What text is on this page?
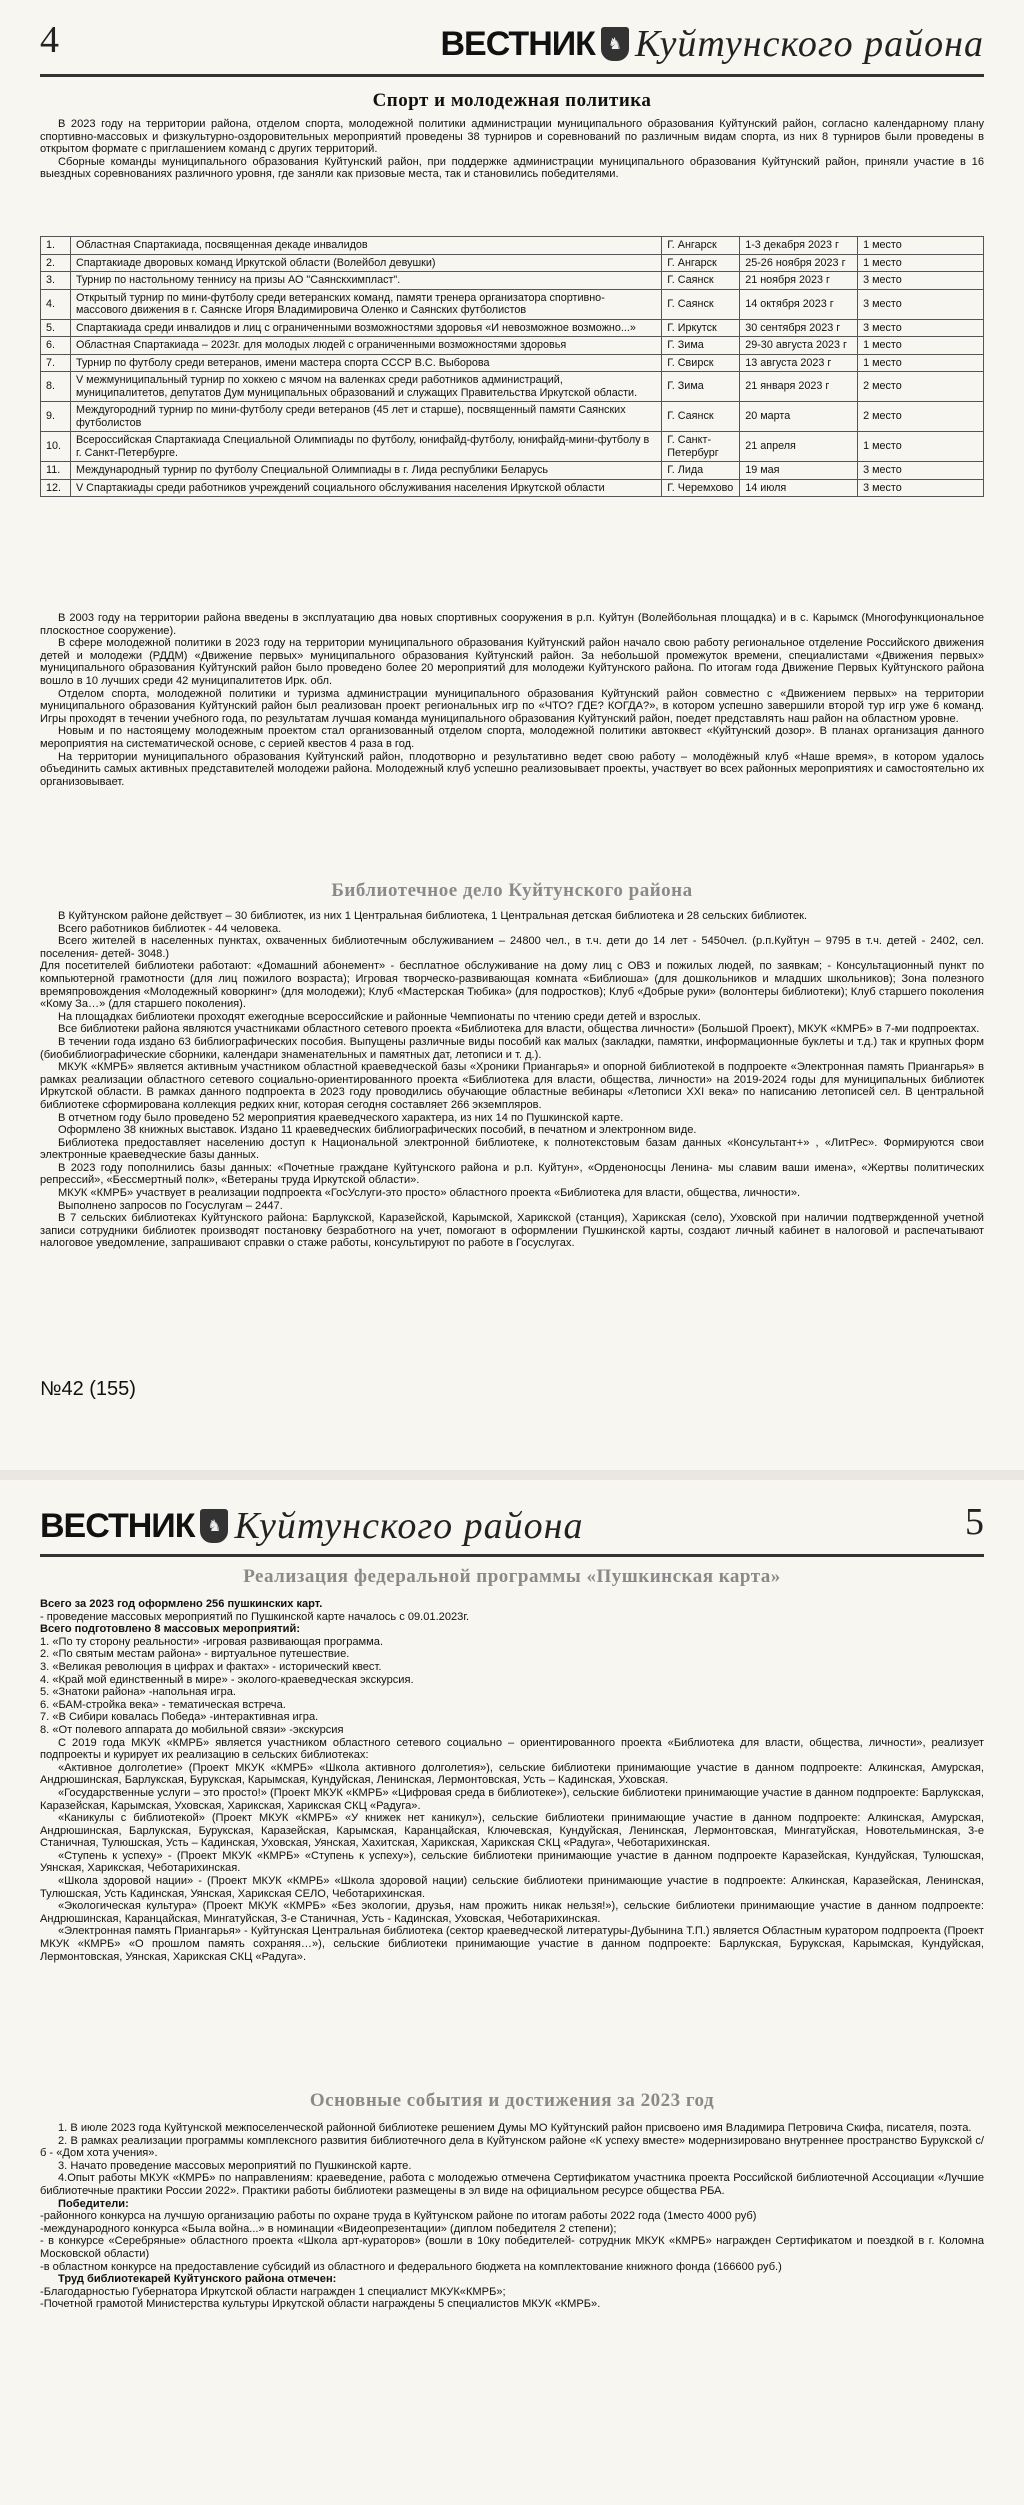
4	ВЕСТНИК ♞ Куйтунского района
Спорт и молодежная политика

В 2023 году на территории района, отделом спорта, молодежной политики администрации муниципального образования Куйтунский район, согласно календарному плану спортивно-массовых и физкультурно-оздоровительных мероприятий проведены 38 турниров и соревнований по различным видам спорта, из них 8 турниров были проведены в открытом формате с приглашением команд с других территорий.

Сборные команды муниципального образования Куйтунский район, при поддержке администрации муниципального образования Куйтунский район, приняли участие в 16 выездных соревнованиях различного уровня, где заняли как призовые места, так и становились победителями.

1.	Областная Спартакиада, посвященная декаде инвалидов	Г. Ангарск	1-3 декабря 2023 г	1 место
2.	Спартакиаде дворовых команд Иркутской области (Волейбол девушки)	Г. Ангарск	25-26 ноября 2023 г	1 место
3.	Турнир по настольному теннису на призы АО "Саянскхимпласт".	Г. Саянск	21 ноября 2023 г	3 место
4.	Открытый турнир по мини-футболу среди ветеранских команд, памяти тренера организатора спортивно-массового движения в г. Саянске Игоря Владимировича Оленко и Саянских футболистов	Г. Саянск	14 октября 2023 г	3 место
5.	Спартакиада среди инвалидов и лиц с ограниченными возможностями здоровья «И невозможное возможно...»	Г. Иркутск	30 сентября 2023 г	3 место
6.	Областная Спартакиада – 2023г. для молодых людей с ограниченными возможностями здоровья	Г. Зима	29-30 августа 2023 г	1 место
7.	Турнир по футболу среди ветеранов, имени мастера спорта СССР В.С. Выборова	Г. Свирск	13 августа 2023 г	1 место
8.	V межмуниципальный турнир по хоккею с мячом на валенках среди работников администраций, муниципалитетов, депутатов Дум муниципальных образований и служащих Правительства Иркутской области.	Г. Зима	21 января 2023 г	2 место
9.	Междугородний турнир по мини-футболу среди ветеранов (45 лет и старше), посвященный памяти Саянских футболистов	Г. Саянск	20 марта	2 место
10.	Всероссийская Спартакиада Специальной Олимпиады по футболу, юнифайд-футболу, юнифайд-мини-футболу в г. Санкт-Петербурге.	Г. Санкт-Петербург	21 апреля	1 место
11.	Международный турнир по футболу Специальной Олимпиады в г. Лида республики Беларусь	Г. Лида	19 мая	3 место
12.	V Спартакиады среди работников учреждений социального обслуживания населения Иркутской области	Г. Черемхово	14 июля	3 место

В 2003 году на территории района введены в эксплуатацию два новых спортивных сооружения в р.п. Куйтун (Волейбольная площадка) и в с. Карымск (Многофункциональное плоскостное сооружение).

В сфере молодежной политики в 2023 году на территории муниципального образования Куйтунский район начало свою работу региональное отделение Российского движения детей и молодежи (РДДМ) «Движение первых» муниципального образования Куйтунский район. За небольшой промежуток времени, специалистами «Движения первых» муниципального образования Куйтунский район было проведено более 20 мероприятий для молодежи Куйтунского района. По итогам года Движение Первых Куйтунского района вошло в 10 лучших среди 42 муниципалитетов Ирк. обл.

Отделом спорта, молодежной политики и туризма администрации муниципального образования Куйтунский район совместно с «Движением первых» на территории муниципального образования Куйтунский район был реализован проект региональных игр по «ЧТО? ГДЕ? КОГДА?», в котором успешно завершили второй тур игр уже 6 команд. Игры проходят в течении учебного года, по результатам лучшая команда муниципального образования Куйтунский район, поедет представлять наш район на областном уровне.

Новым и по настоящему молодежным проектом стал организованный отделом спорта, молодежной политики автоквест «Куйтунский дозор». В планах организация данного мероприятия на систематической основе, с серией квестов 4 раза в год.

На территории муниципального образования Куйтунский район, плодотворно и результативно ведет свою работу – молодёжный клуб «Наше время», в котором удалось объединить самых активных представителей молодежи района. Молодежный клуб успешно реализовывает проекты, участвует во всех районных мероприятиях и самостоятельно их организовывает.

Библиотечное дело Куйтунского района

В Куйтунском районе действует – 30 библиотек, из них 1 Центральная библиотека, 1 Центральная детская библиотека и 28 сельских библиотек.

Всего работников библиотек - 44 человека.

Всего жителей в населенных пунктах, охваченных библиотечным обслуживанием – 24800 чел., в т.ч. дети до 14 лет - 5450чел. (р.п.Куйтун – 9795 в т.ч. детей - 2402, сел. поселения- детей- 3048.)

Для посетителей библиотеки работают: «Домашний абонемент» - бесплатное обслуживание на дому лиц с ОВЗ и пожилых людей, по заявкам; - Консультационный пункт по компьютерной грамотности (для лиц пожилого возраста); Игровая творческо-развивающая комната «Библиоша» (для дошкольников и младших школьников); Зона полезного времяпровождения «Молодежный коворкинг» (для молодежи); Клуб «Мастерская Тюбика» (для подростков); Клуб «Добрые руки» (волонтеры библиотеки); Клуб старшего поколения «Кому За…» (для старшего поколения).

На площадках библиотеки проходят ежегодные всероссийские и районные Чемпионаты по чтению среди детей и взрослых.

Все библиотеки района являются участниками областного сетевого проекта «Библиотека для власти, общества личности» (Большой Проект), МКУК «КМРБ» в 7-ми подпроектах.

В течении года издано 63 библиографических пособия. Выпущены различные виды пособий как малых (закладки, памятки, информационные буклеты и т.д.) так и крупных форм (биобиблиографические сборники, календари знаменательных и памятных дат, летописи и т. д.).

МКУК «КМРБ» является активным участником областной краеведческой базы «Хроники Приангарья» и опорной библиотекой в подпроекте «Электронная память Приангарья» в рамках реализации областного сетевого социально-ориентированного проекта «Библиотека для власти, общества, личности» на 2019-2024 годы для муниципальных библиотек Иркутской области. В рамках данного подпроекта в 2023 году проводились обучающие областные вебинары «Летописи XXI века» по написанию летописей сел. В центральной библиотеке сформирована коллекция редких книг, которая сегодня составляет 266 экземпляров.

В отчетном году было проведено 52 мероприятия краеведческого характера, из них 14 по Пушкинской карте.

Оформлено 38 книжных выставок. Издано 11 краеведческих библиографических пособий, в печатном и электронном виде.

Библиотека предоставляет населению доступ к Национальной электронной библиотеке, к полнотекстовым базам данных «Консультант+» , «ЛитРес». Формируются свои электронные краеведческие базы данных.

В 2023 году пополнились базы данных: «Почетные граждане Куйтунского района и р.п. Куйтун», «Орденоносцы Ленина- мы славим ваши имена», «Жертвы политических репрессий», «Бессмертный полк», «Ветераны труда Иркутской области».

МКУК «КМРБ» участвует в реализации подпроекта «ГосУслуги-это просто» областного проекта «Библиотека для власти, общества, личности».

Выполнено запросов по Госуслугам – 2447.

В 7 сельских библиотеках Куйтунского района: Барлукской, Каразейской, Карымской, Харикской (станция), Харикская (село), Уховской при наличии подтвержденной учетной записи сотрудники библиотек производят постановку безработного на учет, помогают в оформлении Пушкинской карты, создают личный кабинет в налоговой и распечатывают налоговое уведомление, запрашивают справки о стаже работы, консультируют по работе в Госуслугах.

№42 (155)
ВЕСТНИК ♞ Куйтунского района	5
Реализация федеральной программы «Пушкинская карта»
Всего за 2023 год оформлено 256 пушкинских карт.
- проведение массовых мероприятий по Пушкинской карте началось с 09.01.2023г.
Всего подготовлено 8 массовых мероприятий:
1. «По ту сторону реальности» -игровая развивающая программа.
2. «По святым местам района» - виртуальное путешествие.
3. «Великая революция в цифрах и фактах» - исторический квест.
4. «Край мой единственный в мире» - эколого-краеведческая экскурсия.
5. «Знатоки района» -напольная игра.
6. «БАМ-стройка века» - тематическая встреча.
7. «В Сибири ковалась Победа» -интерактивная игра.
8. «От полевого аппарата до мобильной связи» -экскурсия

С 2019 года МКУК «КМРБ» является участником областного сетевого социально – ориентированного проекта «Библиотека для власти, общества, личности», реализует подпроекты и курирует их реализацию в сельских библиотеках:

«Активное долголетие» (Проект МКУК «КМРБ» «Школа активного долголетия»), сельские библиотеки принимающие участие в данном подпроекте: Алкинская, Амурская, Андрюшинская, Барлукская, Бурукская, Карымская, Кундуйская, Ленинская, Лермонтовская, Усть – Кадинская, Уховская.

«Государственные услуги – это просто!» (Проект МКУК «КМРБ» «Цифровая среда в библиотеке»), сельские библиотеки принимающие участие в данном подпроекте: Барлукская, Каразейская, Карымская, Уховская, Харикская, Харикская СКЦ «Радуга».

«Каникулы с библиотекой» (Проект МКУК «КМРБ» «У книжек нет каникул»), сельские библиотеки принимающие участие в данном подпроекте: Алкинская, Амурская, Андрюшинская, Барлукская, Бурукская, Каразейская, Карымская, Каранцайская, Ключевская, Кундуйская, Ленинская, Лермонтовская, Мингатуйская, Новотельминская, 3-е Станичная, Тулюшская, Усть – Кадинская, Уховская, Уянская, Хахитская, Харикская, Харикская СКЦ «Радуга», Чеботарихинская.

«Ступень к успеху» - (Проект МКУК «КМРБ» «Ступень к успеху»), сельские библиотеки принимающие участие в данном подпроекте Каразейская, Кундуйская, Тулюшская, Уянская, Харикская, Чеботарихинская.

«Школа здоровой нации» - (Проект МКУК «КМРБ» «Школа здоровой нации) сельские библиотеки принимающие участие в подпроекте: Алкинская, Каразейская, Ленинская, Тулюшская, Усть Кадинская, Уянская, Харикская СЕЛО, Чеботарихинская.

«Экологическая культура» (Проект МКУК «КМРБ» «Без экологии, друзья, нам прожить никак нельзя!»), сельские библиотеки принимающие участие в данном подпроекте: Андрюшинская, Каранцайская, Мингатуйская, 3-е Станичная, Усть - Кадинская, Уховская, Чеботарихинская.

«Электронная память Приангарья» - Куйтунская Центральная библиотека (сектор краеведческой литературы-Дубынина Т.П.) является Областным куратором подпроекта (Проект МКУК «КМРБ» «О прошлом память сохраняя…»), сельские библиотеки принимающие участие в данном подпроекте: Барлукская, Бурукская, Карымская, Кундуйская, Лермонтовская, Уянская, Харикская СКЦ «Радуга».

Основные события и достижения за 2023 год

1. В июле 2023 года Куйтунской межпоселенческой районной библиотеке решением Думы МО Куйтунский район присвоено имя Владимира Петровича Скифа, писателя, поэта.

2. В рамках реализации программы комплексного развития библиотечного дела в Куйтунском районе «К успеху вместе» модернизировано внутреннее пространство Бурукской с/б - «Дом хота учения».

3. Начато проведение массовых мероприятий по Пушкинской карте.

4.Опыт работы МКУК «КМРБ» по направлениям: краеведение, работа с молодежью отмечена Сертификатом участника проекта Российской библиотечной Ассоциации «Лучшие библиотечные практики России 2022». Практики работы библиотеки размещены в эл виде на официальном ресурсе общества РБА.

Победители:
-районного конкурса на лучшую организацию работы по охране труда в Куйтунском районе по итогам работы 2022 года (1место 4000 руб)
-международного конкурса «Была война...» в номинации «Видеопрезентации» (диплом победителя 2 степени);
- в конкурсе «Серебряные» областного проекта «Школа арт-кураторов» (вошли в 10ку победителей- сотрудник МКУК «КМРБ» награжден Сертификатом и поездкой в г. Коломна Московской области)
-в областном конкурсе на предоставление субсидий из областного и федерального бюджета на комплектование книжного фонда (166600 руб.)
Труд библиотекарей Куйтунского района отмечен:
-Благодарностью Губернатора Иркутской области награжден 1 специалист МКУК«КМРБ»;
-Почетной грамотой Министерства культуры Иркутской области награждены 5 специалистов МКУК «КМРБ».
